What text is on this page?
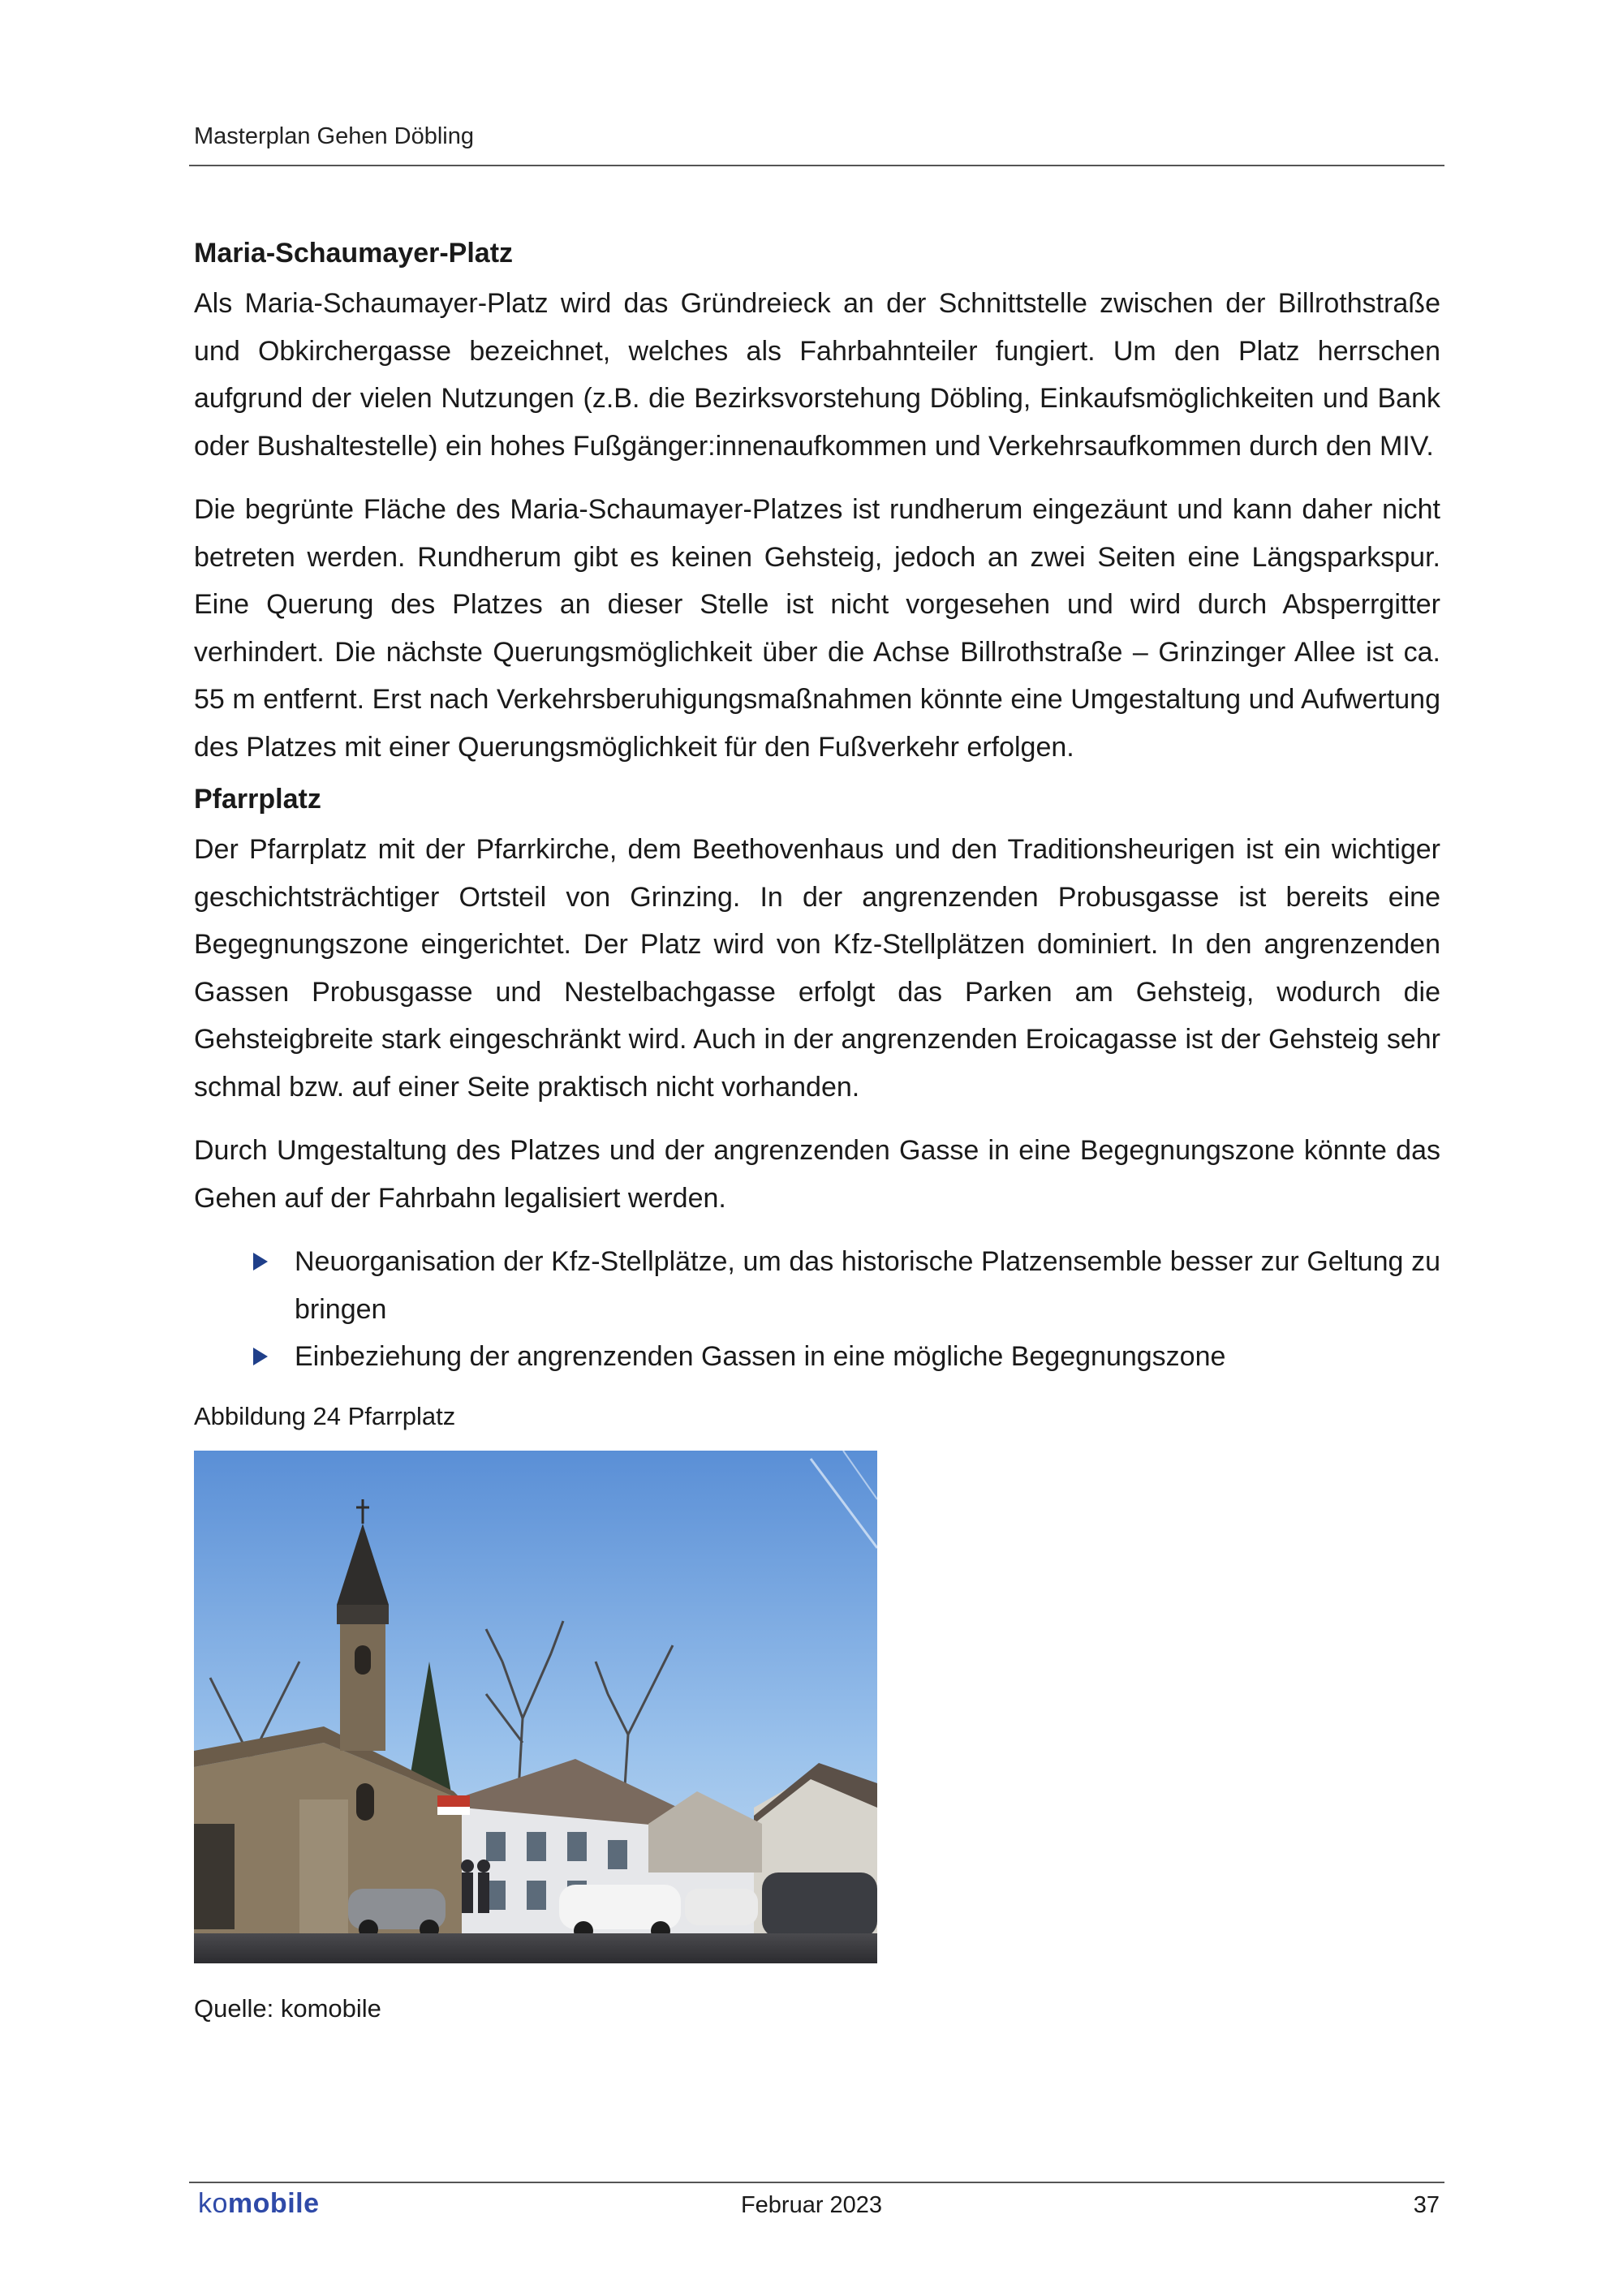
Masterplan Gehen Döbling
Maria-Schaumayer-Platz

Als Maria-Schaumayer-Platz wird das Gründreieck an der Schnittstelle zwischen der Billrothstraße und Obkirchergasse bezeichnet, welches als Fahrbahnteiler fungiert. Um den Platz herrschen aufgrund der vielen Nutzungen (z.B. die Bezirksvorstehung Döbling, Einkaufsmöglichkeiten und Bank oder Bushaltestelle) ein hohes Fußgänger:innenaufkommen und Verkehrsaufkommen durch den MIV.

Die begrünte Fläche des Maria-Schaumayer-Platzes ist rundherum eingezäunt und kann daher nicht betreten werden. Rundherum gibt es keinen Gehsteig, jedoch an zwei Seiten eine Längsparkspur. Eine Querung des Platzes an dieser Stelle ist nicht vorgesehen und wird durch Absperrgitter verhindert. Die nächste Querungsmöglichkeit über die Achse Billrothstraße – Grinzinger Allee ist ca. 55 m entfernt. Erst nach Verkehrsberuhigungsmaßnahmen könnte eine Umgestaltung und Aufwertung des Platzes mit einer Querungsmöglichkeit für den Fußverkehr erfolgen.

Pfarrplatz

Der Pfarrplatz mit der Pfarrkirche, dem Beethovenhaus und den Traditionsheurigen ist ein wichtiger geschichtsträchtiger Ortsteil von Grinzing. In der angrenzenden Probusgasse ist bereits eine Begegnungszone eingerichtet. Der Platz wird von Kfz-Stellplätzen dominiert. In den angrenzenden Gassen Probusgasse und Nestelbachgasse erfolgt das Parken am Gehsteig, wodurch die Gehsteigbreite stark eingeschränkt wird. Auch in der angrenzenden Eroicagasse ist der Gehsteig sehr schmal bzw. auf einer Seite praktisch nicht vorhanden.

Durch Umgestaltung des Platzes und der angrenzenden Gasse in eine Begegnungszone könnte das Gehen auf der Fahrbahn legalisiert werden.

Neuorganisation der Kfz-Stellplätze, um das historische Platzensemble besser zur Geltung zu bringen
Einbeziehung der angrenzenden Gassen in eine mögliche Begegnungszone
Abbildung 24 Pfarrplatz
Quelle: komobile
komobile	Februar 2023	37
